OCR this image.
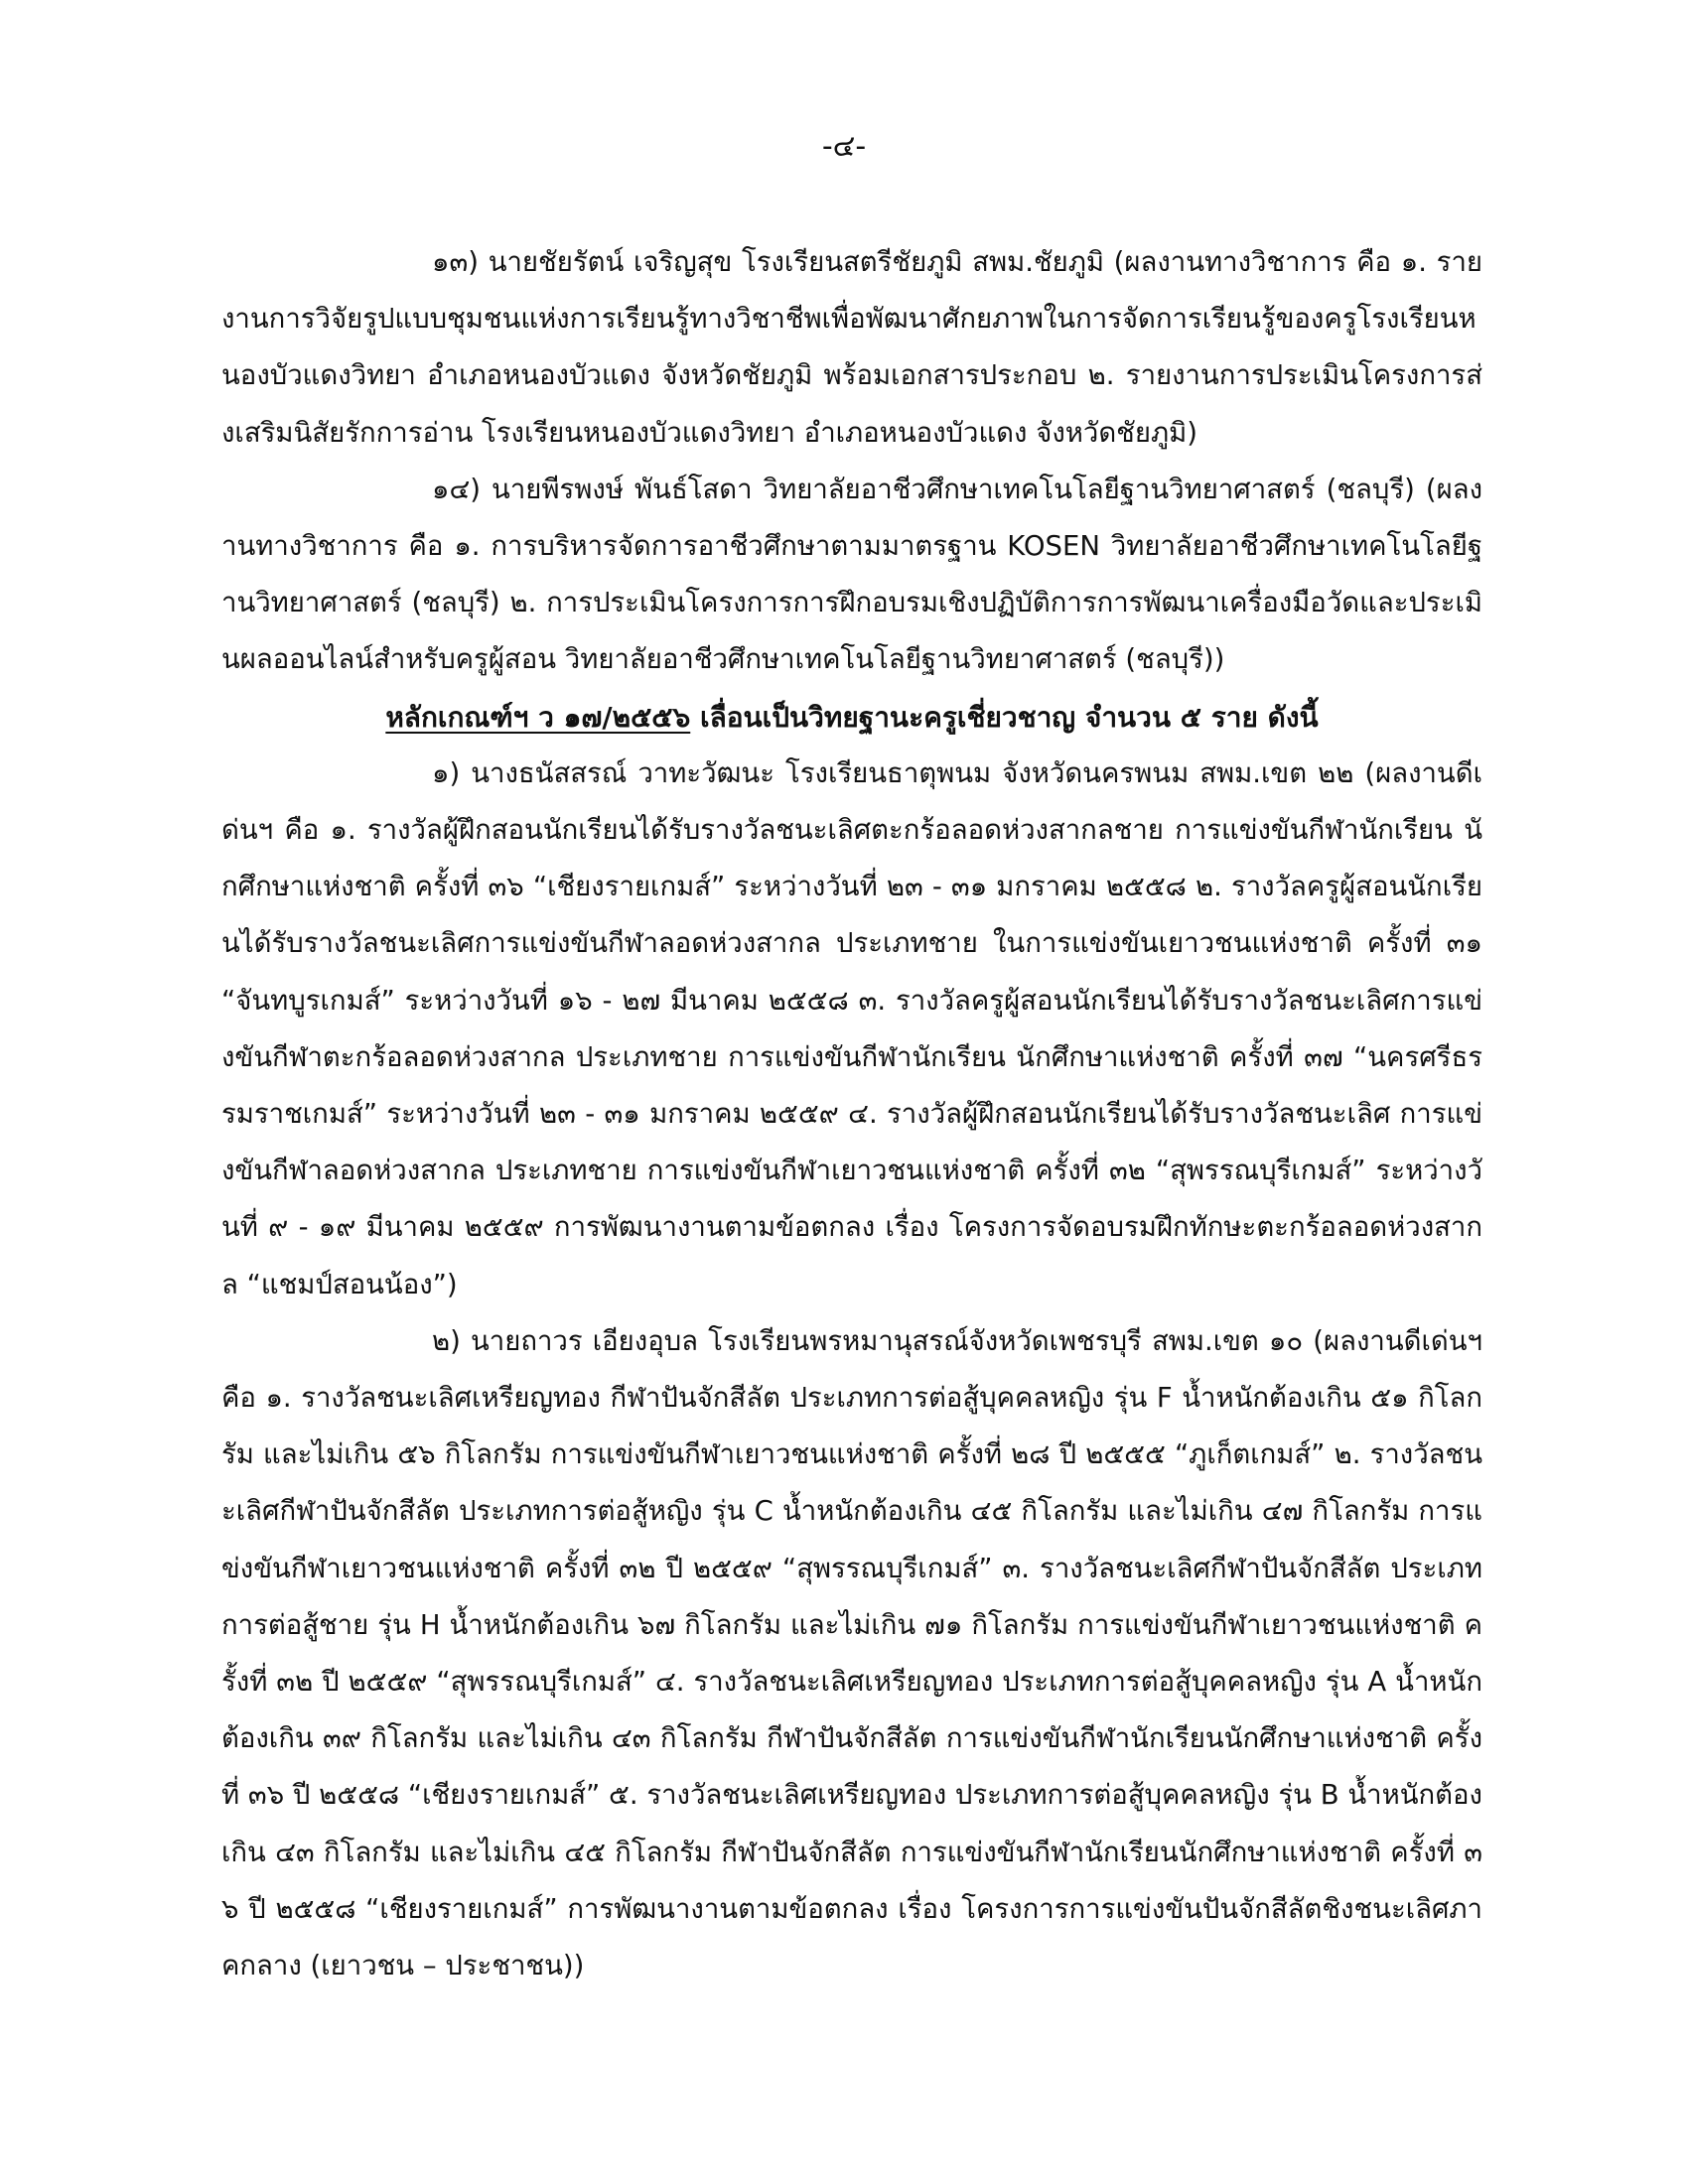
-๔-

๑๓) นายชัยรัตน์ เจริญสุข โรงเรียนสตรีชัยภูมิ สพม.ชัยภูมิ (ผลงานทางวิชาการ คือ ๑. รายงานการวิจัยรูปแบบชุมชนแห่งการเรียนรู้ทางวิชาชีพเพื่อพัฒนาศักยภาพในการจัดการเรียนรู้ของครูโรงเรียนหนองบัวแดงวิทยา อำเภอหนองบัวแดง จังหวัดชัยภูมิ พร้อมเอกสารประกอบ ๒. รายงานการประเมินโครงการส่งเสริมนิสัยรักการอ่าน โรงเรียนหนองบัวแดงวิทยา อำเภอหนองบัวแดง จังหวัดชัยภูมิ)

๑๔) นายพีรพงษ์ พันธ์โสดา วิทยาลัยอาชีวศึกษาเทคโนโลยีฐานวิทยาศาสตร์ (ชลบุรี) (ผลงานทางวิชาการ คือ ๑. การบริหารจัดการอาชีวศึกษาตามมาตรฐาน KOSEN วิทยาลัยอาชีวศึกษาเทคโนโลยีฐานวิทยาศาสตร์ (ชลบุรี) ๒. การประเมินโครงการการฝึกอบรมเชิงปฏิบัติการการพัฒนาเครื่องมือวัดและประเมินผลออนไลน์สำหรับครูผู้สอน วิทยาลัยอาชีวศึกษาเทคโนโลยีฐานวิทยาศาสตร์ (ชลบุรี))

หลักเกณฑ์ฯ ว ๑๗/๒๕๕๖ เลื่อนเป็นวิทยฐานะครูเชี่ยวชาญ จำนวน ๕ ราย ดังนี้

๑) นางธนัสสรณ์ วาทะวัฒนะ โรงเรียนธาตุพนม จังหวัดนครพนม สพม.เขต ๒๒ (ผลงานดีเด่นฯ คือ ๑. รางวัลผู้ฝึกสอนนักเรียนได้รับรางวัลชนะเลิศตะกร้อลอดห่วงสากลชาย การแข่งขันกีฬานักเรียน นักศึกษาแห่งชาติ ครั้งที่ ๓๖ “เชียงรายเกมส์” ระหว่างวันที่ ๒๓ - ๓๑ มกราคม ๒๕๕๘ ๒. รางวัลครูผู้สอนนักเรียนได้รับรางวัลชนะเลิศการแข่งขันกีฬาลอดห่วงสากล ประเภทชาย ในการแข่งขันเยาวชนแห่งชาติ ครั้งที่ ๓๑ “จันทบูรเกมส์” ระหว่างวันที่ ๑๖ - ๒๗ มีนาคม ๒๕๕๘ ๓. รางวัลครูผู้สอนนักเรียนได้รับรางวัลชนะเลิศการแข่งขันกีฬาตะกร้อลอดห่วงสากล ประเภทชาย การแข่งขันกีฬานักเรียน นักศึกษาแห่งชาติ ครั้งที่ ๓๗ “นครศรีธรรมราชเกมส์” ระหว่างวันที่ ๒๓ - ๓๑ มกราคม ๒๕๕๙ ๔. รางวัลผู้ฝึกสอนนักเรียนได้รับรางวัลชนะเลิศ การแข่งขันกีฬาลอดห่วงสากล ประเภทชาย การแข่งขันกีฬาเยาวชนแห่งชาติ ครั้งที่ ๓๒ “สุพรรณบุรีเกมส์” ระหว่างวันที่ ๙ - ๑๙ มีนาคม ๒๕๕๙ การพัฒนางานตามข้อตกลง เรื่อง โครงการจัดอบรมฝึกทักษะตะกร้อลอดห่วงสากล “แชมป์สอนน้อง”)

๒) นายถาวร เอียงอุบล โรงเรียนพรหมานุสรณ์จังหวัดเพชรบุรี สพม.เขต ๑๐ (ผลงานดีเด่นฯ คือ ๑. รางวัลชนะเลิศเหรียญทอง กีฬาปันจักสีลัต ประเภทการต่อสู้บุคคลหญิง รุ่น F น้ำหนักต้องเกิน ๕๑ กิโลกรัม และไม่เกิน ๕๖ กิโลกรัม การแข่งขันกีฬาเยาวชนแห่งชาติ ครั้งที่ ๒๘ ปี ๒๕๕๕ “ภูเก็ตเกมส์” ๒. รางวัลชนะเลิศกีฬาปันจักสีลัต ประเภทการต่อสู้หญิง รุ่น C น้ำหนักต้องเกิน ๔๕ กิโลกรัม และไม่เกิน ๔๗ กิโลกรัม การแข่งขันกีฬาเยาวชนแห่งชาติ ครั้งที่ ๓๒ ปี ๒๕๕๙ “สุพรรณบุรีเกมส์” ๓. รางวัลชนะเลิศกีฬาปันจักสีลัต ประเภทการต่อสู้ชาย รุ่น H น้ำหนักต้องเกิน ๖๗ กิโลกรัม และไม่เกิน ๗๑ กิโลกรัม การแข่งขันกีฬาเยาวชนแห่งชาติ ครั้งที่ ๓๒ ปี ๒๕๕๙ “สุพรรณบุรีเกมส์” ๔. รางวัลชนะเลิศเหรียญทอง ประเภทการต่อสู้บุคคลหญิง รุ่น A น้ำหนักต้องเกิน ๓๙ กิโลกรัม และไม่เกิน ๔๓ กิโลกรัม กีฬาปันจักสีลัต การแข่งขันกีฬานักเรียนนักศึกษาแห่งชาติ ครั้งที่ ๓๖ ปี ๒๕๕๘ “เชียงรายเกมส์” ๕. รางวัลชนะเลิศเหรียญทอง ประเภทการต่อสู้บุคคลหญิง รุ่น B น้ำหนักต้องเกิน ๔๓ กิโลกรัม และไม่เกิน ๔๕ กิโลกรัม กีฬาปันจักสีลัต การแข่งขันกีฬานักเรียนนักศึกษาแห่งชาติ ครั้งที่ ๓๖ ปี ๒๕๕๘ “เชียงรายเกมส์” การพัฒนางานตามข้อตกลง เรื่อง โครงการการแข่งขันปันจักสีลัตชิงชนะเลิศภาคกลาง (เยาวชน – ประชาชน))
